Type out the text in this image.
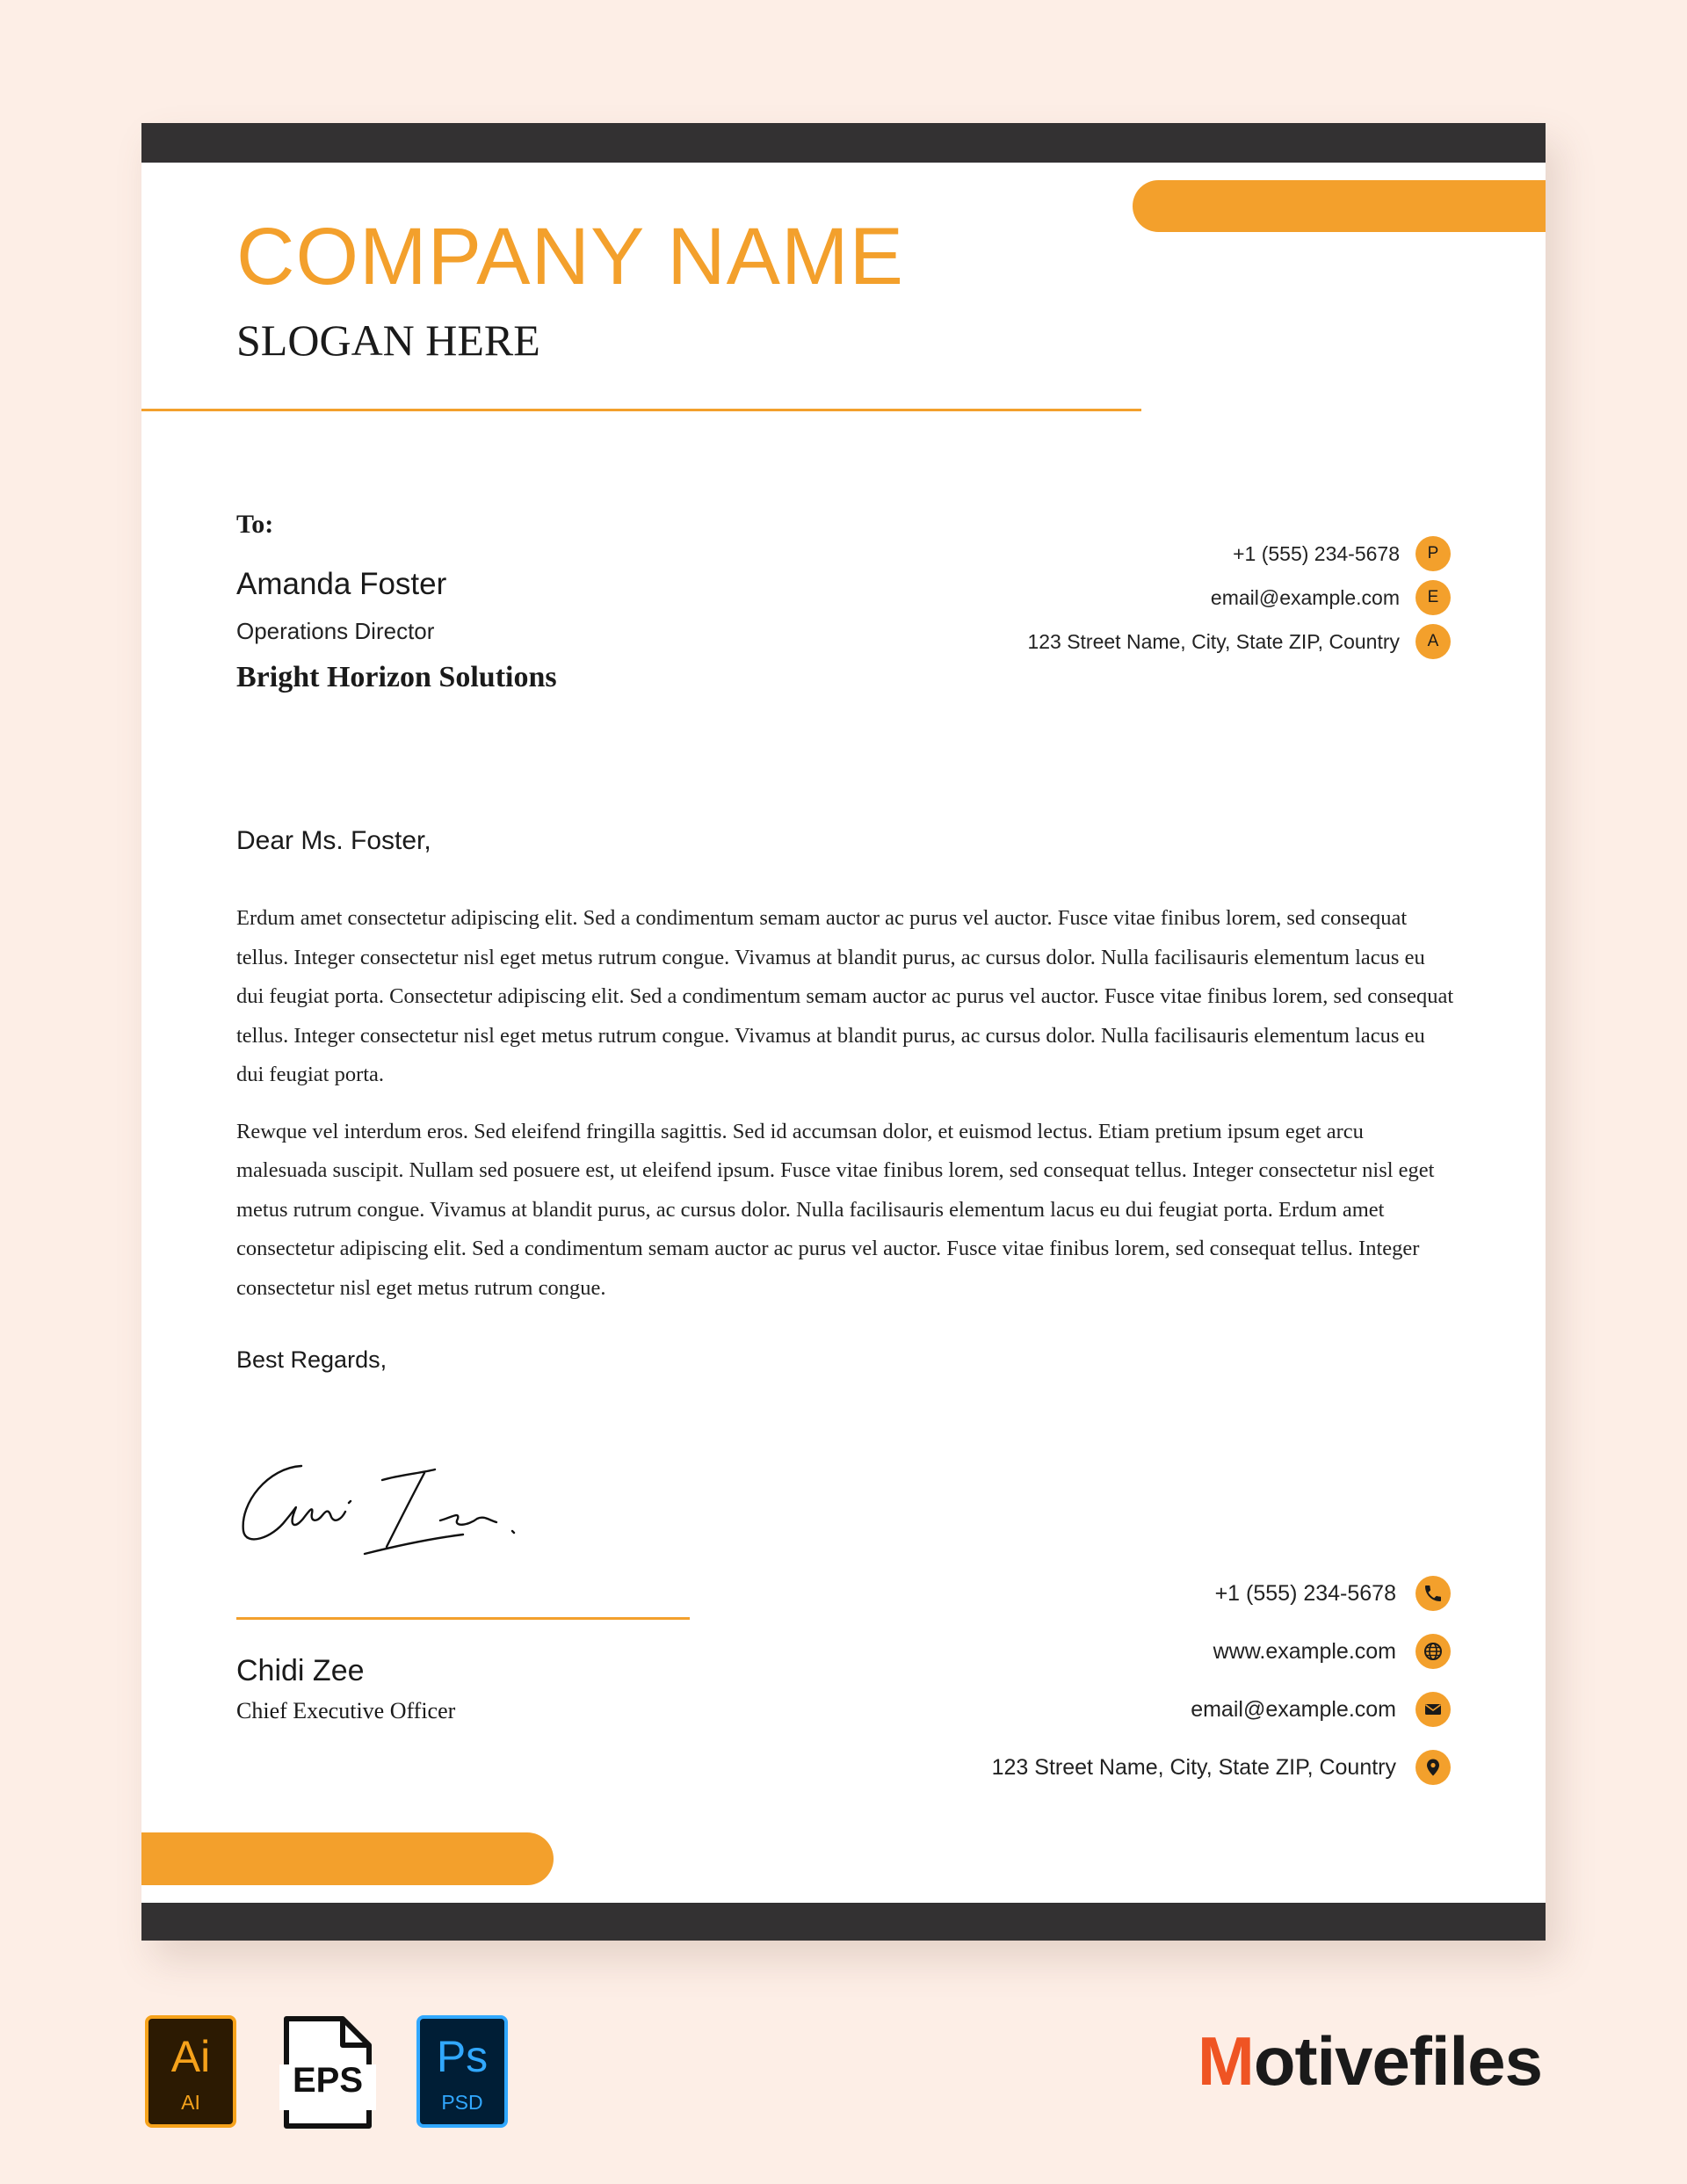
COMPANY NAME
SLOGAN HERE
To:
Amanda Foster
Operations Director
Bright Horizon Solutions
+1 (555) 234-5678	P
email@example.com	E
123 Street Name, City, State ZIP, Country	A
Dear Ms. Foster,

Erdum amet consectetur adipiscing elit. Sed a condimentum semam auctor ac purus vel auctor. Fusce vitae finibus lorem, sed consequat tellus. Integer consectetur nisl eget metus rutrum congue. Vivamus at blandit purus, ac cursus dolor. Nulla facilisauris elementum lacus eu dui feugiat porta. Consectetur adipiscing elit. Sed a condimentum semam auctor ac purus vel auctor. Fusce vitae finibus lorem, sed consequat tellus. Integer consectetur nisl eget metus rutrum congue. Vivamus at blandit purus, ac cursus dolor. Nulla facilisauris elementum lacus eu dui feugiat porta.

Rewque vel interdum eros. Sed eleifend fringilla sagittis. Sed id accumsan dolor, et euismod lectus. Etiam pretium ipsum eget arcu malesuada suscipit. Nullam sed posuere est, ut eleifend ipsum. Fusce vitae finibus lorem, sed consequat tellus. Integer consectetur nisl eget metus rutrum congue. Vivamus at blandit purus, ac cursus dolor. Nulla facilisauris elementum lacus eu dui feugiat porta. Erdum amet consectetur adipiscing elit. Sed a condimentum semam auctor ac purus vel auctor. Fusce vitae finibus lorem, sed consequat tellus. Integer consectetur nisl eget metus rutrum congue.

Best Regards,
Chidi Zee
Chief Executive Officer
+1 (555) 234-5678
www.example.com
email@example.com
123 Street Name, City, State ZIP, Country
Ai
AI
EPS	Ps
PSD
Motivefiles
